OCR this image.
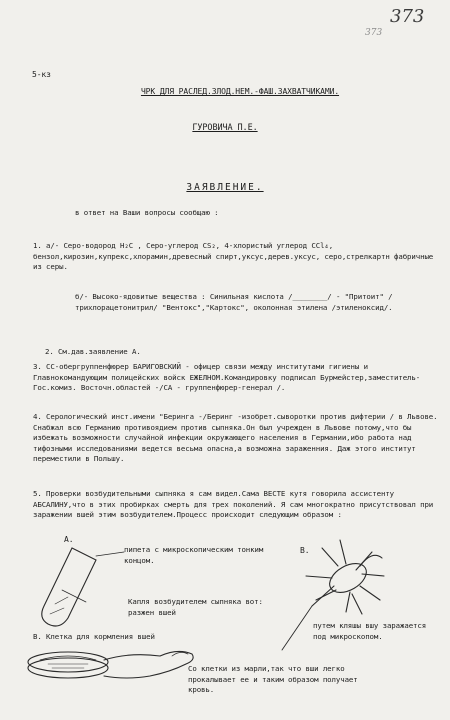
373
373
5-кз
ЧРК ДЛЯ РАСЛЕД.ЗЛОД.НЕМ.-ФАШ.ЗАХВАТЧИКАМИ.
ГУРОВИЧА П.Е.
ЗАЯВЛЕНИЕ.
в ответ на Ваши вопросы сообщаю :
1. а/- Серо-водород H₂C , Серо-углерод CS₂, 4-хлористый углерод CCl₄, бензол,кирозин,купрекс,хлорамин,древесный спирт,уксус,дерев.уксус, серо,стрелкартн фабричные из серы.
б/- Высоко-ядовитые вещества : Синильная кислота /________/ - "Притоит" /трихлорацетонитрил/ "Вентокс","Картокс", околонная этилена /этиленоксид/.
2. См.дав.заявление А.
3. СС-обергруппенфюрер БАРИГОВСКИЙ - офицер связи между институтами гигиены и Главнокомандующим полицейских войск ЕЖЕЛНОМ.Командировку подписал Бурмейстер,заместитель-Гос.комиз. Восточн.областей -/СА - группенфюрер-генерал /.
4. Серологический инст.имени "Беринга -/Беринг -изобрет.сыворотки против дифтерии / в Львове. Снабжал всю Германию противоядием против сыпняка.Он был учрежден в Львове потому,что бы избежать возможности случайной инфекции окружающего населения в Германии,ибо работа над тифозными исследованиями ведется весьма опасна,а возможна зараженния. Даж этого институт переместили в Польшу.
5. Проверки возбудительными сыпняка я сам видел.Сама ВЕСТЕ кутя говорила ассистенту АБСАЛИНУ,что в этих пробирках смерть для трех поколений. Я сам многократно присутствовал при заражении вшей этим возбудителем.Процесс происходит следующим образом :
А.
В.
пипета с микроскопическим тонким концом.
Капля возбудителем сыпняка вот: разжен вшей
В. Клетка для кормления вшей
путем кляшы вшу заражается под микроскопом.
Со клетки из марли,так что вши легко прокалывает ее и таким образом получает кровь.
